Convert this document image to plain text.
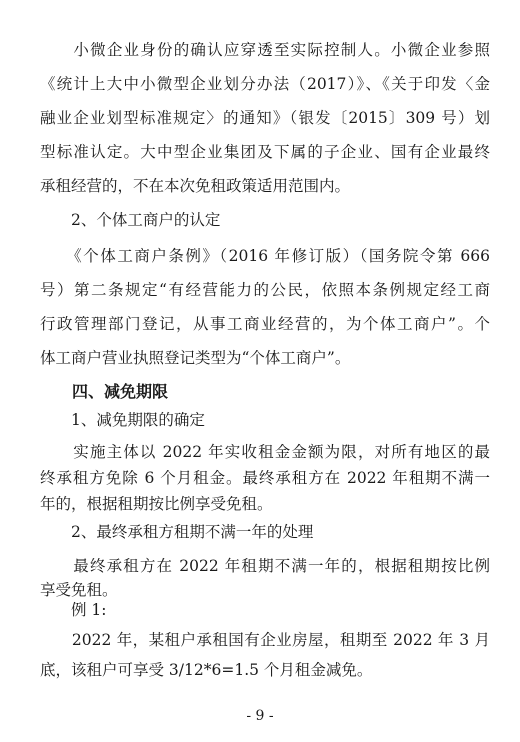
　　小微企业身份的确认应穿透至实际控制人。小微企业参照
《统计上大中小微型企业划分办法（2017）》、《关于印发〈金
融业企业划型标准规定〉的通知》（银发〔2015〕309 号）划
型标准认定。大中型企业集团及下属的子企业、国有企业最终
承租经营的，不在本次免租政策适用范围内。
　　2、个体工商户的认定
　　《个体工商户条例》（2016 年修订版）（国务院令第 666
号）第二条规定“有经营能力的公民，依照本条例规定经工商
行政管理部门登记，从事工商业经营的，为个体工商户”。个
体工商户营业执照登记类型为“个体工商户”。
　　四、减免期限
　　1、减免期限的确定
　　实施主体以 2022 年实收租金金额为限，对所有地区的最
终承租方免除 6 个月租金。最终承租方在 2022 年租期不满一
年的，根据租期按比例享受免租。
　　2、最终承租方租期不满一年的处理
　　最终承租方在 2022 年租期不满一年的，根据租期按比例
享受免租。
　　例 1:
　　2022 年，某租户承租国有企业房屋，租期至 2022 年 3 月
底，该租户可享受 3/12*6=1.5 个月租金减免。
- 9 -
